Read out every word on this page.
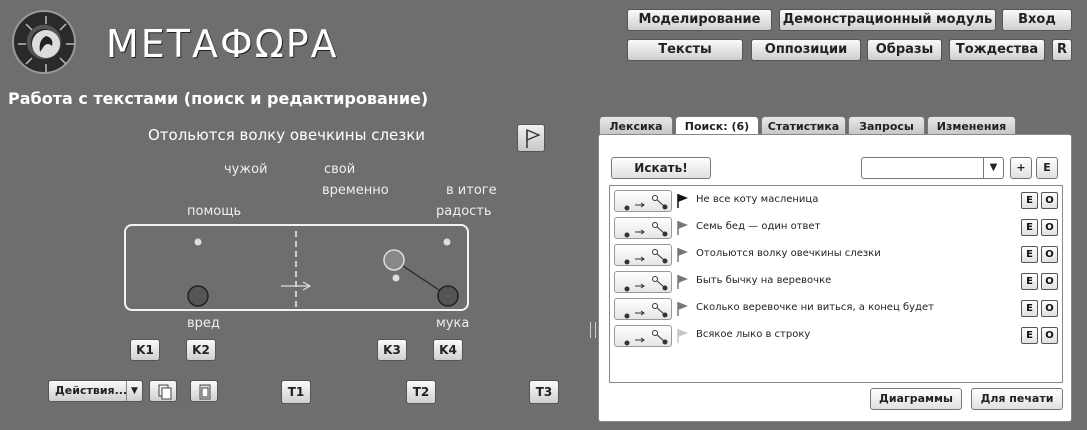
МЕТАФΩРА
Моделирование	Демонстрационный модуль	Вход
Тексты	Оппозиции	Образы	Тождества	R
Работа с текстами (поиск и редактирование)
Отольются волку овечкины слезки
чужой	свой
временно	в итоге
помощь	радость
вред	мука
K1	K2	K3	K4
Действия... ▼	T1	T2	T3
Лексика	Поиск: (6)	Статистика	Запросы	Изменения
Искать!	▼	+	E
Не все коту масленица	E	O
Семь бед — один ответ	E	O
Отольются волку овечкины слезки	E	O
Быть бычку на веревочке	E	O
Сколько веревочке ни виться, а конец будет	E	O
Всякое лыко в строку	E	O
Диаграммы	Для печати
